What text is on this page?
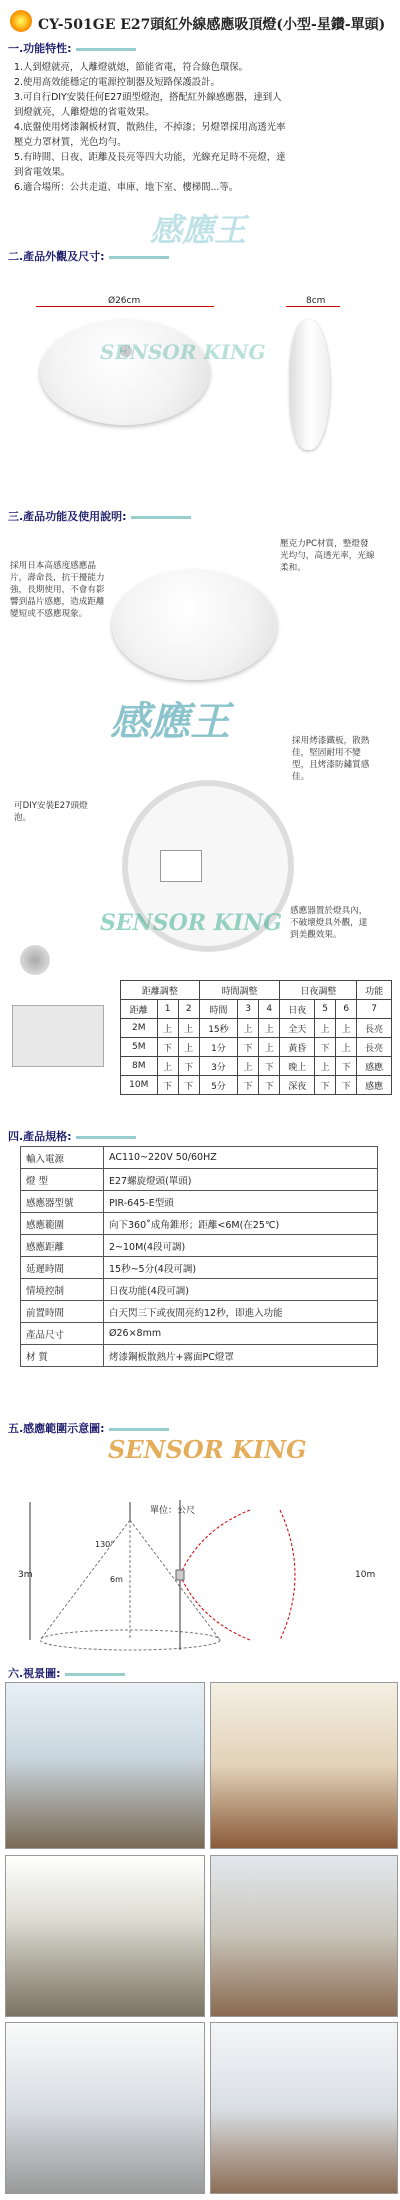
CY-501GE E27頭紅外線感應吸頂燈(小型-星鑽-單頭)
一.功能特性:
1.人到燈就亮，人離燈就熄，節能省電，符合綠色環保。
2.使用高效能穩定的電源控制器及短路保護設計。
3.可自行DIY安裝任何E27頭型燈泡，搭配紅外線感應器，達到人
到燈就亮，人離燈熄的省電效果。
4.底盤使用烤漆鋼板材質，散熱佳，不掉漆；另燈罩採用高透光率
壓克力罩材質，光色均勻。
5.有時間、日夜、距離及長亮等四大功能，光線充足時不亮燈，達
到省電效果。
6.適合場所：公共走道、車庫、地下室、樓梯間...等。
感應王
二.產品外觀及尺寸:
Ø26cm
SENSOR KING
8cm
三.產品功能及使用說明:
採用日本高感度感應晶片，壽命長，抗干擾能力強，長期使用，不會有影響到晶片感應，造成距離變短或不感應現象。
壓克力PC材質，整燈發光均勻，高透光率，光線柔和。
感應王	採用烤漆鐵板，散熱佳，堅固耐用不變型，且烤漆防鏽質感佳。
可DIY安裝E27頭燈泡。
SENSOR KING 感應器置於燈具內，不破壞燈具外觀，達到美觀效果。
距離調整			時間調整			日夜調整			功能
距離	1	2	時間	3	4	日夜	5	6	7
2M	上	上	15秒	上	上	全天	上	上	長亮
5M	下	上	1分	下	上	黃昏	下	上	長亮
8M	上	下	3分	上	下	晚上	上	下	感應
10M	下	下	5分	下	下	深夜	下	下	感應
四.產品規格:
輸入電源	AC110~220V 50/60HZ
燈 型	E27螺旋燈頭(單頭)
感應器型號	PIR-645-E型頭
感應範圍	向下360˚成角錐形；距離<6M(在25℃)
感應距離	2~10M(4段可調)
延遲時間	15秒~5分(4段可調)
情境控制	日夜功能(4段可調)
前置時間	白天閃三下或夜間亮約12秒，即進入功能
產品尺寸	Ø26×8mm
材 質	烤漆鋼板散熱片+霧面PC燈罩
五.感應範圍示意圖:
SENSOR KING
單位：公尺
3m
130°
6m	10m
六.視景圖:
